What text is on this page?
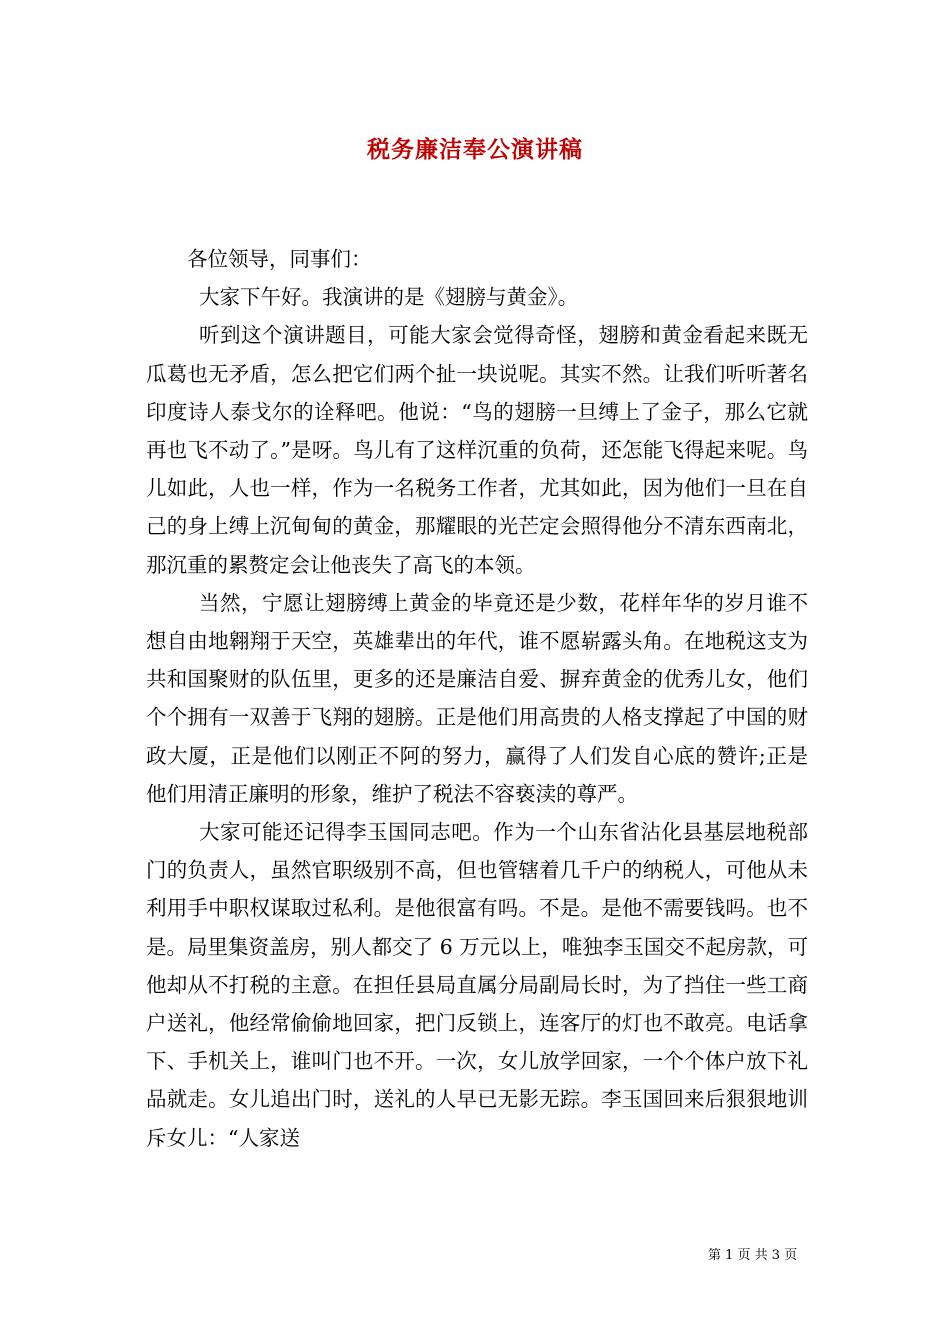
税务廉洁奉公演讲稿

各位领导，同事们：

大家下午好。我演讲的是《翅膀与黄金》。

听到这个演讲题目，可能大家会觉得奇怪，翅膀和黄金看起来既无瓜葛也无矛盾，怎么把它们两个扯一块说呢。其实不然。让我们听听著名印度诗人泰戈尔的诠释吧。他说：“鸟的翅膀一旦缚上了金子，那么它就再也飞不动了。”是呀。鸟儿有了这样沉重的负荷，还怎能飞得起来呢。鸟儿如此，人也一样，作为一名税务工作者，尤其如此，因为他们一旦在自己的身上缚上沉甸甸的黄金，那耀眼的光芒定会照得他分不清东西南北，那沉重的累赘定会让他丧失了高飞的本领。

当然，宁愿让翅膀缚上黄金的毕竟还是少数，花样年华的岁月谁不想自由地翱翔于天空，英雄辈出的年代，谁不愿崭露头角。在地税这支为共和国聚财的队伍里，更多的还是廉洁自爱、摒弃黄金的优秀儿女，他们个个拥有一双善于飞翔的翅膀。正是他们用高贵的人格支撑起了中国的财政大厦，正是他们以刚正不阿的努力，赢得了人们发自心底的赞许;正是他们用清正廉明的形象，维护了税法不容亵渎的尊严。

大家可能还记得李玉国同志吧。作为一个山东省沾化县基层地税部门的负责人，虽然官职级别不高，但也管辖着几千户的纳税人，可他从未利用手中职权谋取过私利。是他很富有吗。不是。是他不需要钱吗。也不是。局里集资盖房，别人都交了 6 万元以上，唯独李玉国交不起房款，可他却从不打税的主意。在担任县局直属分局副局长时，为了挡住一些工商户送礼，他经常偷偷地回家，把门反锁上，连客厅的灯也不敢亮。电话拿下、手机关上，谁叫门也不开。一次，女儿放学回家，一个个体户放下礼品就走。女儿追出门时，送礼的人早已无影无踪。李玉国回来后狠狠地训斥女儿：“人家送

第 1 页 共 3 页
